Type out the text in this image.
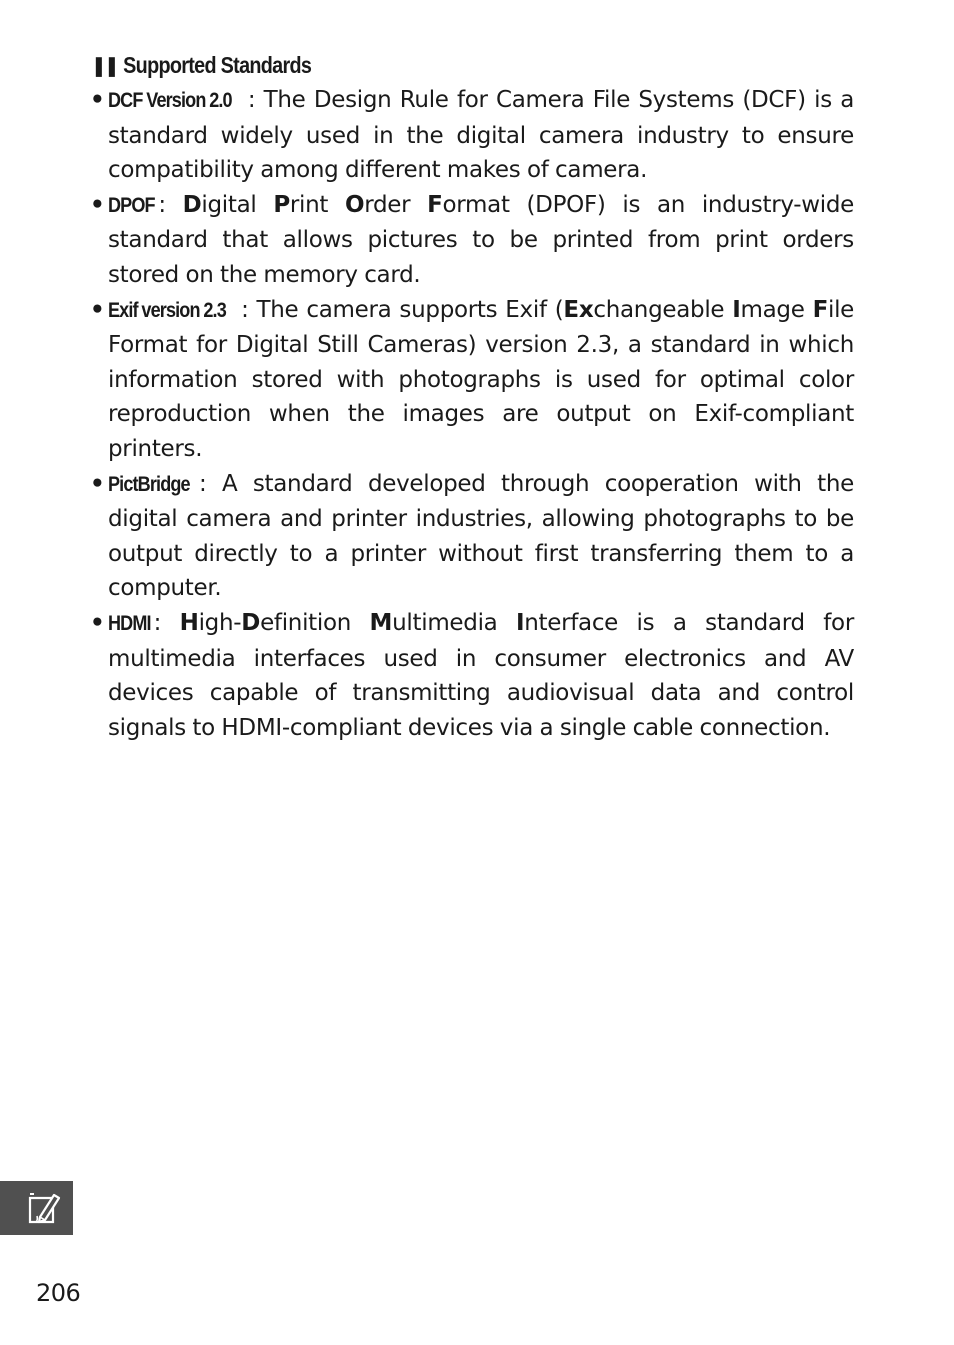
❚❚ Supported Standards
• DCF Version 2.0 : The Design Rule for Camera File Systems (DCF) is a standard widely used in the digital camera industry to ensure compatibility among different makes of camera.
• DPOF : Digital Print Order Format (DPOF) is an industry-wide standard that allows pictures to be printed from print orders stored on the memory card.
• Exif version 2.3 : The camera supports Exif (Exchangeable Image File Format for Digital Still Cameras) version 2.3, a standard in which information stored with photographs is used for optimal color reproduction when the images are output on Exif-compliant printers.
• PictBridge : A standard developed through cooperation with the digital camera and printer industries, allowing photographs to be output directly to a printer without first transferring them to a computer.
• HDMI : High-Definition Multimedia Interface is a standard for multimedia interfaces used in consumer electronics and AV devices capable of transmitting audiovisual data and control signals to HDMI-compliant devices via a single cable connection.
206
